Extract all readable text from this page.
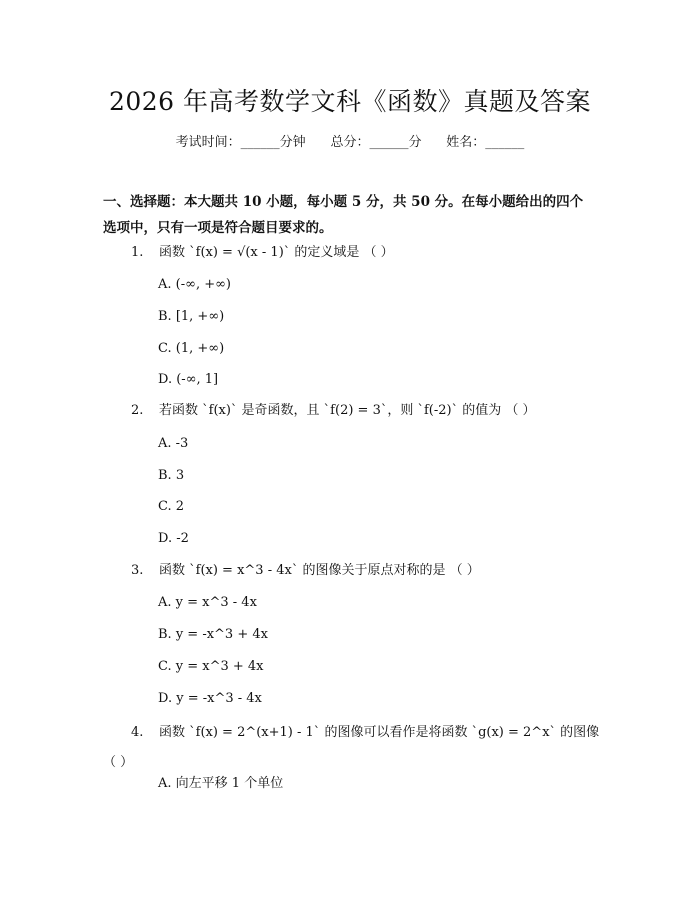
2026 年高考数学文科《函数》真题及答案
考试时间：______分钟 总分：______分 姓名：______
一、选择题：本大题共 10 小题，每小题 5 分，共 50 分。在每小题给出的四个选项中，只有一项是符合题目要求的。
1. 函数 `f(x) = √(x - 1)` 的定义域是 （ ）
A. (-∞, +∞)
B. [1, +∞)
C. (1, +∞)
D. (-∞, 1]
2. 若函数 `f(x)` 是奇函数，且 `f(2) = 3`，则 `f(-2)` 的值为 （ ）
A. -3
B. 3
C. 2
D. -2
3. 函数 `f(x) = x^3 - 4x` 的图像关于原点对称的是 （ ）
A. y = x^3 - 4x
B. y = -x^3 + 4x
C. y = x^3 + 4x
D. y = -x^3 - 4x
4. 函数 `f(x) = 2^(x+1) - 1` 的图像可以看作是将函数 `g(x) = 2^x` 的图像 （ ）
A. 向左平移 1 个单位
